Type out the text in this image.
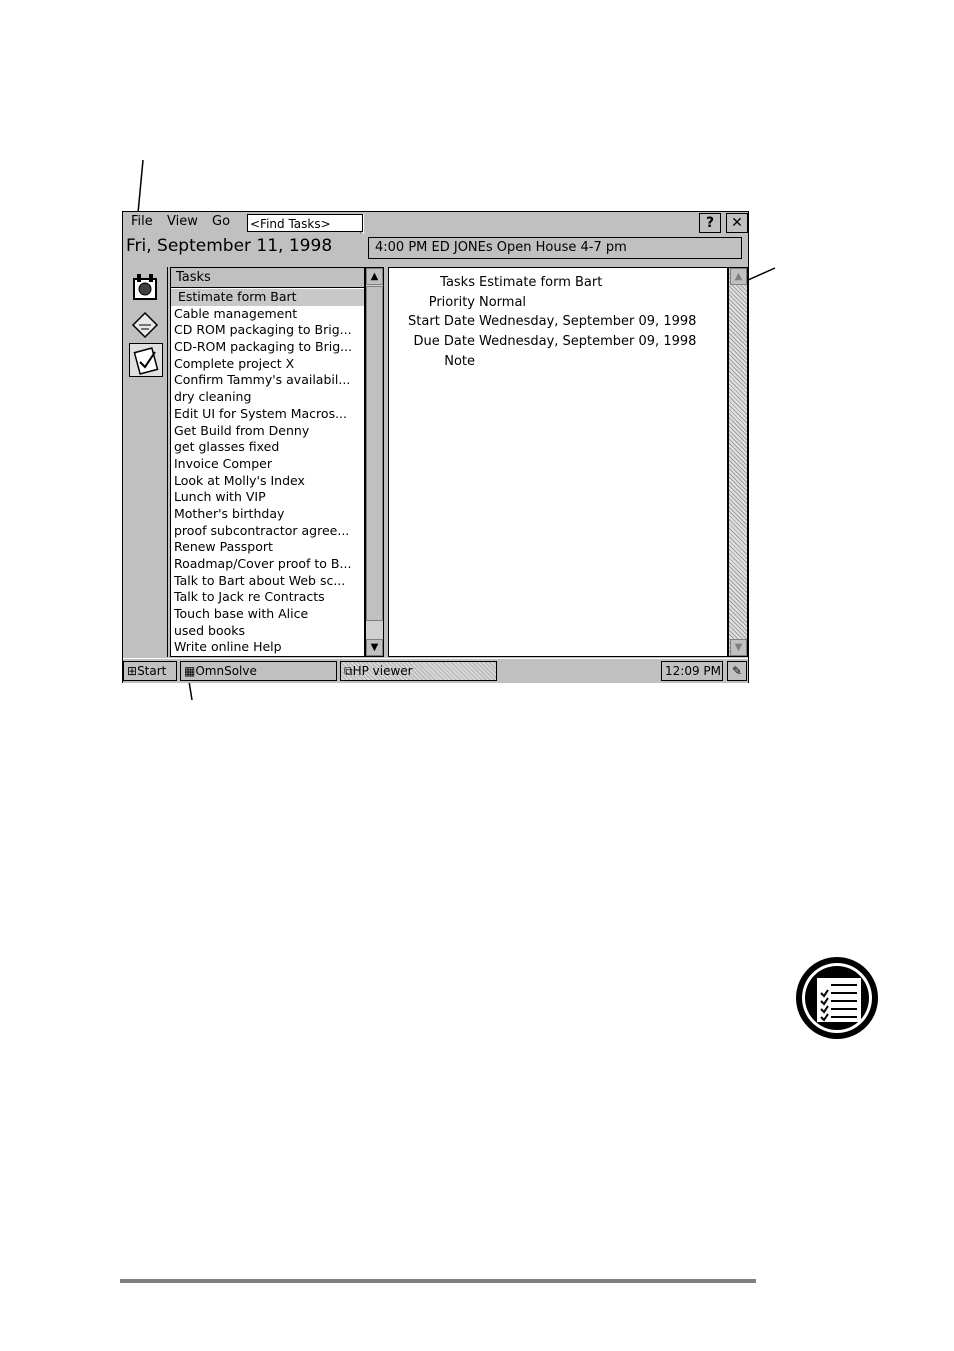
File View Go <Find Tasks>	?	✕
Fri, September 11, 1998	4:00 PM ED JONEs Open House 4-7 pm
Tasks
Estimate form Bart
Cable management
CD ROM packaging to Brig...
CD-ROM packaging to Brig...
Complete project X
Confirm Tammy's availabil...
dry cleaning
Edit UI for System Macros...
Get Build from Denny
get glasses fixed
Invoice Comper
Look at Molly's Index
Lunch with VIP
Mother's birthday
proof subcontractor agree...
Renew Passport
Roadmap/Cover proof to B...
Talk to Bart about Web sc...
Talk to Jack re Contracts
Touch base with Alice
used books
Write online Help
▲
▼
Tasks Estimate form Bart
Priority Normal
Start Date Wednesday, September 09, 1998
Due Date Wednesday, September 09, 1998
Note
▲
▼
⊞Start	▦OmnSolve	⧉HP viewer	12:09 PM ✎
